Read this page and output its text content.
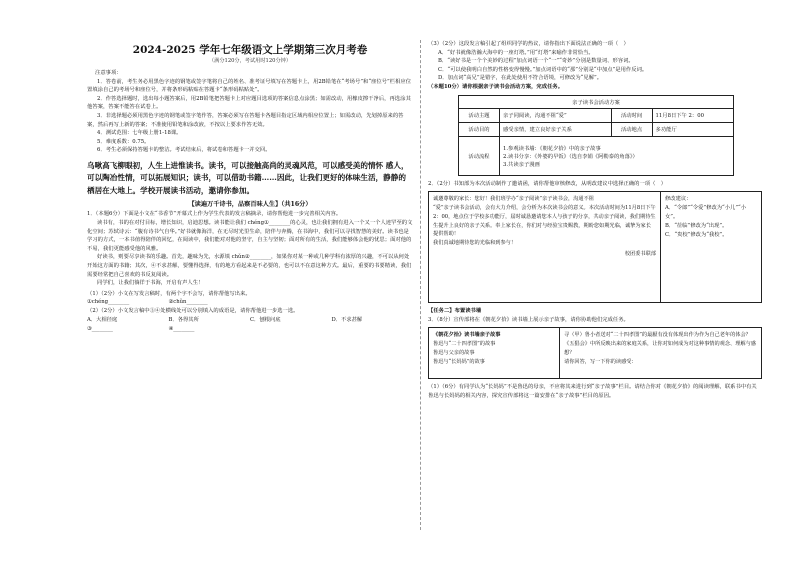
2024-2025 学年七年级语文上学期第三次月考卷

（满分120分，考试用时120分钟）

注意事项：

1．答卷前，考生务必用黑色字迹的钢笔或签字笔将自己的姓名、准考证号填写在答题卡上，用2B铅笔在“考场号”和“座位号”栏相应位置填涂自己的考场号和座位号，并将条形码粘贴在答题卡“条形码粘贴处”。

2．作答选择题时，选出每小题答案后，用2B铅笔把答题卡上对应题目选项的答案信息点涂黑；如需改动，用橡皮擦干净后，再选涂其他答案，答案不能答在试卷上。

3．非选择题必须用黑色字迹的钢笔或签字笔作答，答案必须写在答题卡各题目指定区域内相应位置上；如需改动，先划掉原来的答案，然后再写上新的答案；不准使用铅笔和涂改液，不按以上要求作答无效。

4．测试范围：七年级上册1-18课。

5．难度系数：0.75。

6．考生必须保持答题卡的整洁。考试结束后，将试卷和答题卡一并交回。

乌啾高飞柳眼初，人生上进惟读书。读书，可以接触高尚的灵魂风范，可以感受美的情怀 感人，可以陶冶性情，可以拓展知识；读书，可以借助书籍……因此，让我们更好的体味生活，静静的栖居在大地上。学校开展读书活动，邀请你参加。

【读遍万千诗书，品察百味人生】（共16分）

1．（本题6分）下面是小文在“书香节”开幕式上作为学生代表的发言稿摘录，请你帮他进一步完善相关内容。

读书有，书的在对付目标，增长知识，启迪思想。读书能让我们 chéng①________的心灵，也让我们拥有进入一个又一个人迹罕至的文化空间；苏轼诗云：“腹有诗书气自华。”好书就像海洋，在无尽时光里生命，陪伴与奔腾，在书海中，我们可以寻找智慧的美好。读书也是学习的方式，一本书值得陪伴的回忆，在阅读中，我们能对对他的坚守，自主与坚韧；面对所有的生活，我们能够体会他的忧思；面对他的不易，我们更能感受他的风雅。

好读书，则要尽享读书的乐趣。首先，趣味为先，水源填 chǔn②________，如果你对某一种或几种学科有浓厚的兴趣，不可以从何处开始这方面的书籍；其次，④不求甚解，要懂得选择，有的地方看起来是不必要的，也可以不在意这种方式。最后，重要的书要精读，我们需要经常把自己喜欢的书反复阅读。

同学们，让我们徜徉于书海，开启有声人生！

（1）（2分）小文在写发言稿时，有两个字不会写，请你帮他写出来。

①chéng________	②chǔn________

（2）（2分）小文发言稿中③④处横线处可以分别填入的成语是，请你帮他进一步选一选。

A．大相径庭	B．各得其所	C．刨根问底	D．不求甚解
③________	④________

（3）（2分）这段发言稿引起了组织同学的热议，请你指出下面说法正确的一项（　）

A．“好书就像浩瀚大海中的一座灯塔。”用“灯塔”来喻作非常恰当。

B．“读好书是一个个美妙的过程”加点词语一个“一”“奇妙”分别是数量词、形容词。

C．“可以使我明白自然的性格变得慢慢。”加点词语中的“那”分别是“中加点”是用作反词。

D．加点词“高兄”是错字，在此处使用不符合语境，可修改为“见解”。

（本题10分）请你根据亲子读书会活动方案，完成任务。

亲子读书会活动方案			
活动主题	亲子同阅读，沟通不阻“爱”	活动时间	11月8日下午 2：00
活动目的	感受亲情，建立良好亲子关系	活动地点	多功能厅
活动流程	1.参观读书墙：《朝花夕拾》中的亲子故事
2.读书分享：《外婆的早饭》（选自李娟《阿勒泰的角落》）
3.共读亲子漫画		

2．（2分）书知部为本次活动制作了邀请函，请你帮他审核修改，从明改建议中选择正确的一项（　）

诚邀尊敬的家长：您好！我们班学办“亲子阅读”亲子读书会，沟通不阻
“爱”亲子读书会活动，会有大力介绍，会分析为本次读书会的意义。本次活动时间为11月8日下午2：00，地点位于学校多功能厅，届时诚恳邀请您本人与孩子的分享，共动亲子阅读，我们期待生生提升上良好的亲子关系。奉上家长在，你们对与经验宝贵赐教，期盼您如期光临，诚挚为家长提供帮助！
我们真诚地期待您的光临和到参与！
校团委书联部
修改建议：
A．“令郎”“令爱”修改为“小儿”“小女”。
B．“莅临”修改为“出现”。
C．“贵校”修改为“我校”。

【任务二】布置读书墙

3．（8分）宣传部将在《朝花夕拾》读书墙上展示亲子故事，请你协助他们完成任务。

《朝花夕拾》读书墙亲子故事
鲁迅与“二十四孝图”的故事
鲁迅与父亲的故事
鲁迅与“长妈妈”的故事
寻（甲）鲁小者送对“二十四孝图”的最厭有没有体现出作为作为自己老年的体会？《五猖会》中所反映出来的家庭关系，让你对如何成为对这种事情的观念、理解与感想？
请你回答，写一下你的读感受：

（1）（6分）有同学认为“长妈妈”不是鲁迅的母亲，不应将其来进行到“亲子故事”栏目。请结合你对《朝花夕拾》的阅读理解，联系书中有关鲁迅与长妈妈的相关内容，探究宣传部将这一篇安排在“亲子故事”栏目的原因。
